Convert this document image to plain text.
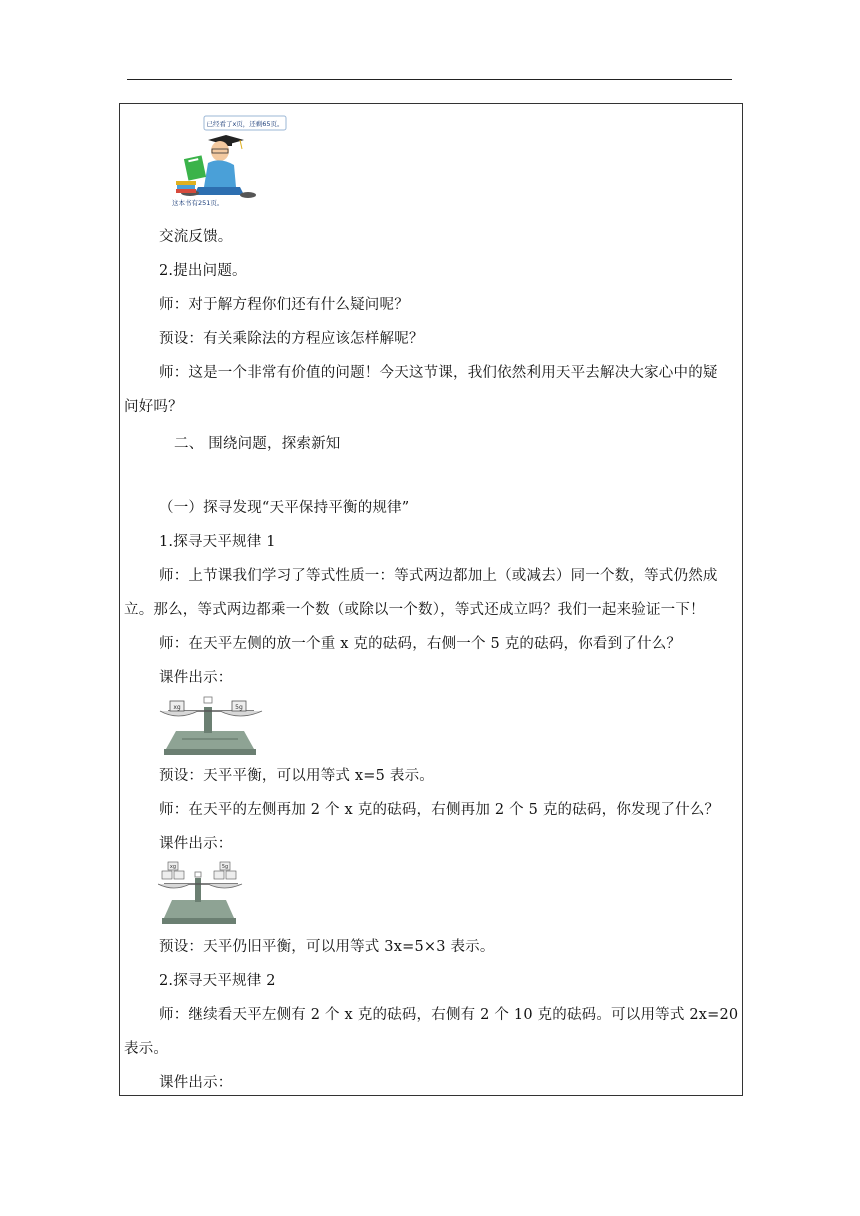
已经看了x页，还剩65页。
这本书有251页。
交流反馈。
2.提出问题。
师：对于解方程你们还有什么疑问呢？
预设：有关乘除法的方程应该怎样解呢？
师：这是一个非常有价值的问题！今天这节课，我们依然利用天平去解决大家心中的疑
问好吗？
二、 围绕问题，探索新知
（一）探寻发现“天平保持平衡的规律”
1.探寻天平规律 1
师：上节课我们学习了等式性质一：等式两边都加上（或减去）同一个数，等式仍然成
立。那么，等式两边都乘一个数（或除以一个数），等式还成立吗？我们一起来验证一下！
师：在天平左侧的放一个重 x 克的砝码，右侧一个 5 克的砝码，你看到了什么？
课件出示：
xg	5g
预设：天平平衡，可以用等式 x=5 表示。
师：在天平的左侧再加 2 个 x 克的砝码，右侧再加 2 个 5 克的砝码，你发现了什么？
课件出示：
xg	5g
预设：天平仍旧平衡，可以用等式 3x=5×3 表示。
2.探寻天平规律 2
师：继续看天平左侧有 2 个 x 克的砝码，右侧有 2 个 10 克的砝码。可以用等式 2x=20
表示。
课件出示：
